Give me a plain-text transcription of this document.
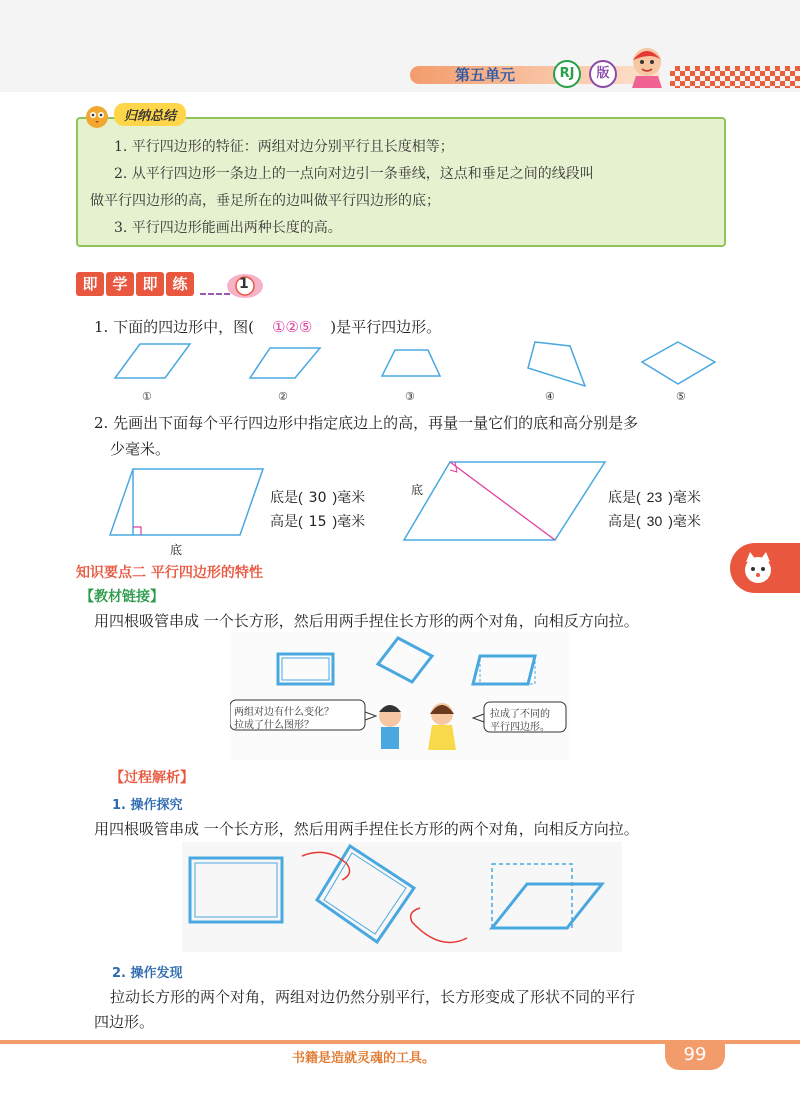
第五单元	RJ	版
归纳总结
1. 平行四边形的特征：两组对边分别平行且长度相等；
2. 从平行四边形一条边上的一点向对边引一条垂线，这点和垂足之间的线段叫
做平行四边形的高，垂足所在的边叫做平行四边形的底；
3. 平行四边形能画出两种长度的高。
即 学 即 练	1
1. 下面的四边形中，图( ①②⑤ )是平行四边形。
①	②	③	④	⑤
2. 先画出下面每个平行四边形中指定底边上的高，再量一量它们的底和高分别是多
少毫米。
底
底是( 30 )毫米
高是( 15 )毫米
底	底是( 23 )毫米
高是( 30 )毫米
知识要点二 平行四边形的特性
【教材链接】
用四根吸管串成 一个长方形，然后用两手捏住长方形的两个对角，向相反方向拉。
两组对边有什么变化？
拉成了什么图形？
拉成了不同的
平行四边形。
【过程解析】
1. 操作探究
用四根吸管串成 一个长方形，然后用两手捏住长方形的两个对角，向相反方向拉。
2. 操作发现
拉动长方形的两个对角，两组对边仍然分别平行，长方形变成了形状不同的平行
四边形。
书籍是造就灵魂的工具。	99
